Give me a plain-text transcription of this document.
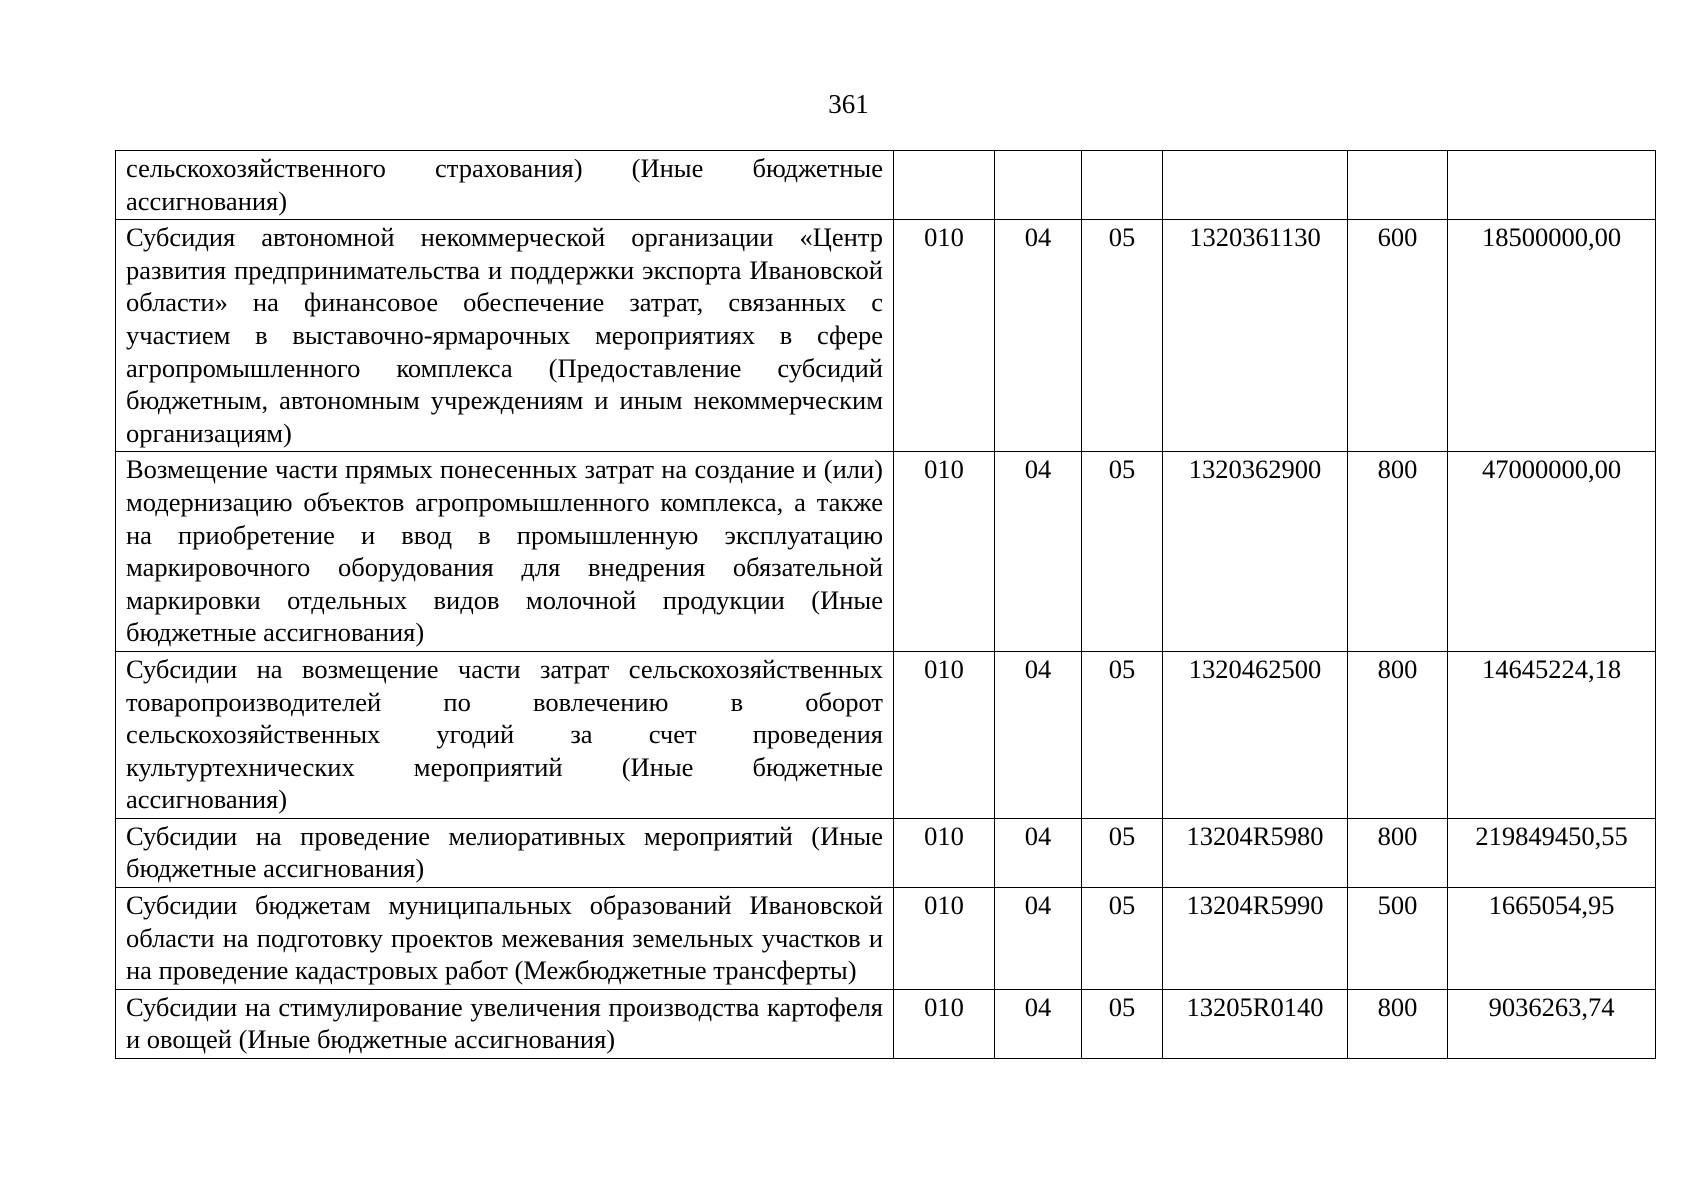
361
сельскохозяйственного страхования) (Иные бюджетные ассигнования)						
Субсидия автономной некоммерческой организации «Центр развития предпринимательства и поддержки экспорта Ивановской области» на финансовое обеспечение затрат, связанных с участием в выставочно-ярмарочных мероприятиях в сфере агропромышленного комплекса (Предоставление субсидий бюджетным, автономным учреждениям и иным некоммерческим организациям)	010	04	05	1320361130	600	18500000,00
Возмещение части прямых понесенных затрат на создание и (или) модернизацию объектов агропромышленного комплекса, а также на приобретение и ввод в промышленную эксплуатацию маркировочного оборудования для внедрения обязательной маркировки отдельных видов молочной продукции (Иные бюджетные ассигнования)	010	04	05	1320362900	800	47000000,00
Субсидии на возмещение части затрат сельскохозяйственных товаропроизводителей по вовлечению в оборот сельскохозяйственных угодий за счет проведения культуртехнических мероприятий (Иные бюджетные ассигнования)	010	04	05	1320462500	800	14645224,18
Субсидии на проведение мелиоративных мероприятий (Иные бюджетные ассигнования)	010	04	05	13204R5980	800	219849450,55
Субсидии бюджетам муниципальных образований Ивановской области на подготовку проектов межевания земельных участков и на проведение кадастровых работ (Межбюджетные трансферты)	010	04	05	13204R5990	500	1665054,95
Субсидии на стимулирование увеличения производства картофеля и овощей (Иные бюджетные ассигнования)	010	04	05	13205R0140	800	9036263,74
